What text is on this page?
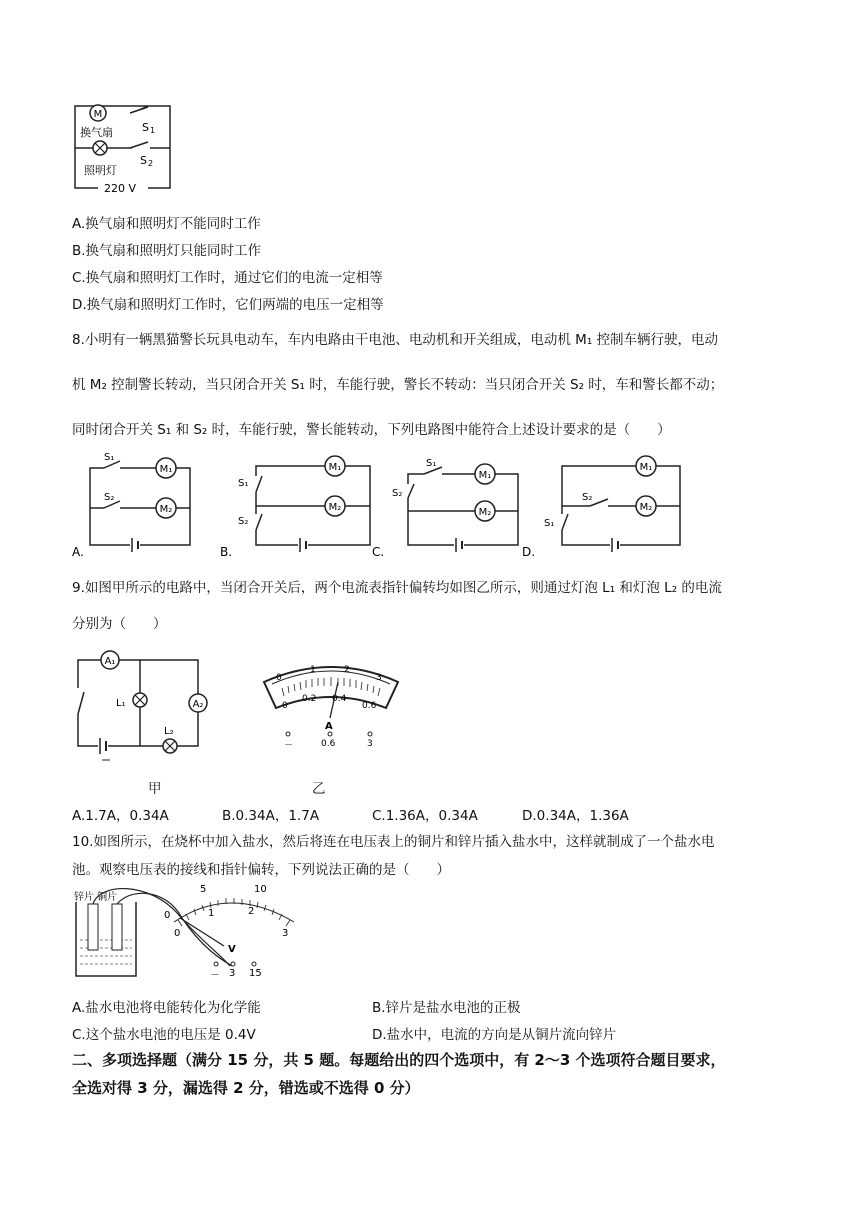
M
换气扇	S 1
S 2
照明灯
220 V
A.换气扇和照明灯不能同时工作
B.换气扇和照明灯只能同时工作
C.换气扇和照明灯工作时，通过它们的电流一定相等
D.换气扇和照明灯工作时，它们两端的电压一定相等
8.小明有一辆黑猫警长玩具电动车，车内电路由干电池、电动机和开关组成，电动机 M₁ 控制车辆行驶，电动
机 M₂ 控制警长转动，当只闭合开关 S₁ 时，车能行驶，警长不转动：当只闭合开关 S₂ 时，车和警长都不动；
同时闭合开关 S₁ 和 S₂ 时，车能行驶，警长能转动，下列电路图中能符合上述设计要求的是（　　）
M₁
M₂
S₁
S₂
A.
M₁
M₂
S₁
S₂
B.
S₁
M₁
M₂
S₂
C.
S₂
M₁
M₂
S₁
D.
9.如图甲所示的电路中，当闭合开关后，两个电流表指针偏转均如图乙所示，则通过灯泡 L₁ 和灯泡 L₂ 的电流
分别为（　　）
A₁
A₂
L₁
L₂
甲
0
1	2
3
0
0.2 0.4
0.6
A
－	0.6	3
乙
A.1.7A，0.34A	B.0.34A，1.7A	C.1.36A，0.34A	D.0.34A，1.36A
10.如图所示，在烧杯中加入盐水，然后将连在电压表上的铜片和锌片插入盐水中，这样就制成了一个盐水电
池。观察电压表的接线和指针偏转，下列说法正确的是（　　）
锌片 铜片
0
5	10
0
1	2
3
V
－ 3 15
A.盐水电池将电能转化为化学能	B.锌片是盐水电池的正极
C.这个盐水电池的电压是 0.4V	D.盐水中，电流的方向是从铜片流向锌片
二、多项选择题（满分 15 分，共 5 题。每题给出的四个选项中，有 2～3 个选项符合题目要求，
全选对得 3 分，漏选得 2 分，错选或不选得 0 分）
